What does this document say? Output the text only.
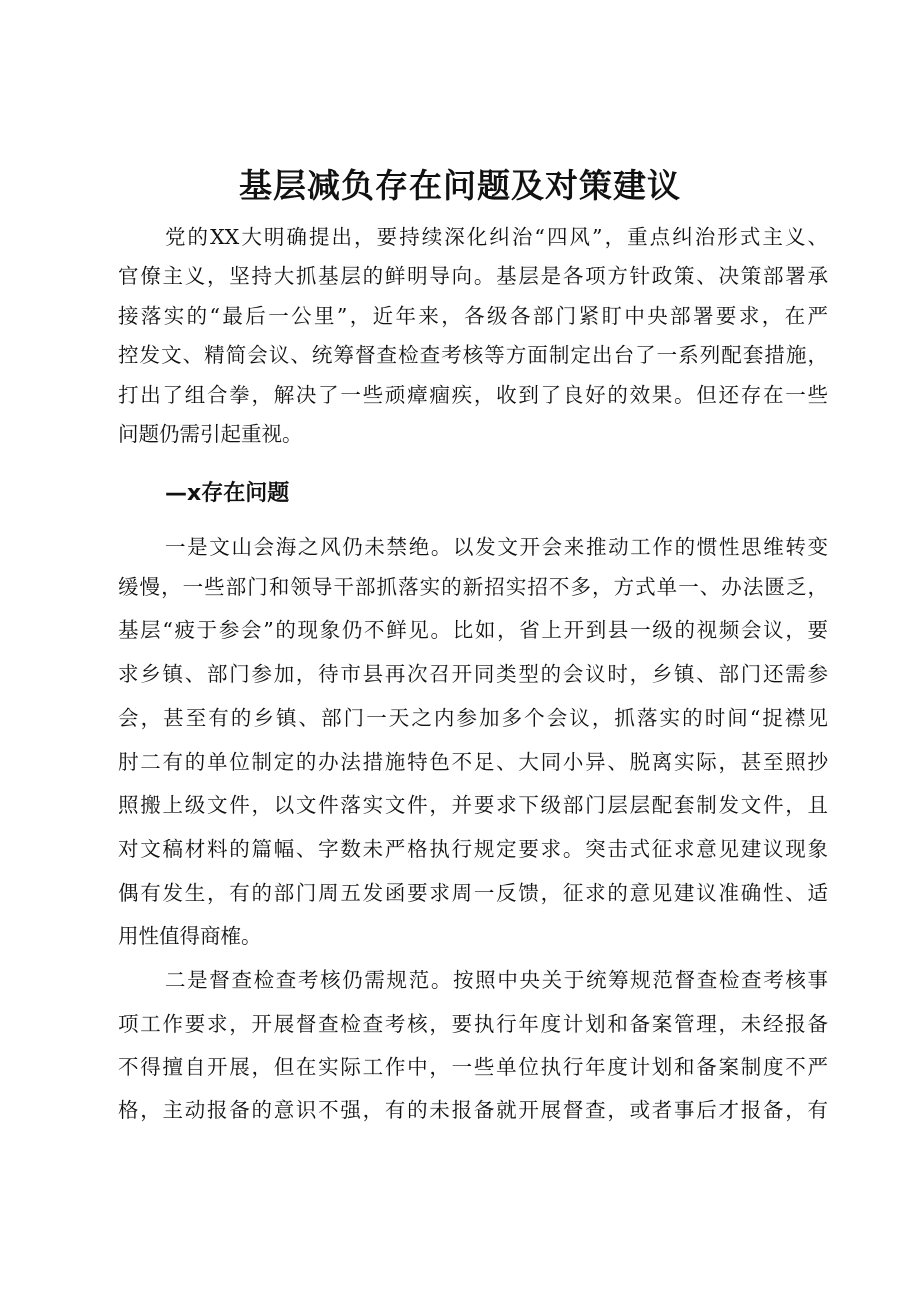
基层减负存在问题及对策建议

党的XX大明确提出，要持续深化纠治“四风”，重点纠治形式主义、

官僚主义，坚持大抓基层的鲜明导向。基层是各项方针政策、决策部署承

接落实的“最后一公里”，近年来，各级各部门紧盯中央部署要求，在严

控发文、精简会议、统筹督查检查考核等方面制定出台了一系列配套措施，

打出了组合拳，解决了一些顽瘴痼疾，收到了良好的效果。但还存在一些

问题仍需引起重视。

—x存在问题

一是文山会海之风仍未禁绝。以发文开会来推动工作的惯性思维转变

缓慢，一些部门和领导干部抓落实的新招实招不多，方式单一、办法匮乏，

基层“疲于参会”的现象仍不鲜见。比如，省上开到县一级的视频会议，要

求乡镇、部门参加，待市县再次召开同类型的会议时，乡镇、部门还需参

会，甚至有的乡镇、部门一天之内参加多个会议，抓落实的时间“捉襟见

肘二有的单位制定的办法措施特色不足、大同小异、脱离实际，甚至照抄

照搬上级文件，以文件落实文件，并要求下级部门层层配套制发文件，且

对文稿材料的篇幅、字数未严格执行规定要求。突击式征求意见建议现象

偶有发生，有的部门周五发函要求周一反馈，征求的意见建议准确性、适

用性值得商榷。

二是督查检查考核仍需规范。按照中央关于统筹规范督查检查考核事

项工作要求，开展督查检查考核，要执行年度计划和备案管理，未经报备

不得擅自开展，但在实际工作中，一些单位执行年度计划和备案制度不严

格，主动报备的意识不强，有的未报备就开展督查，或者事后才报备，有
